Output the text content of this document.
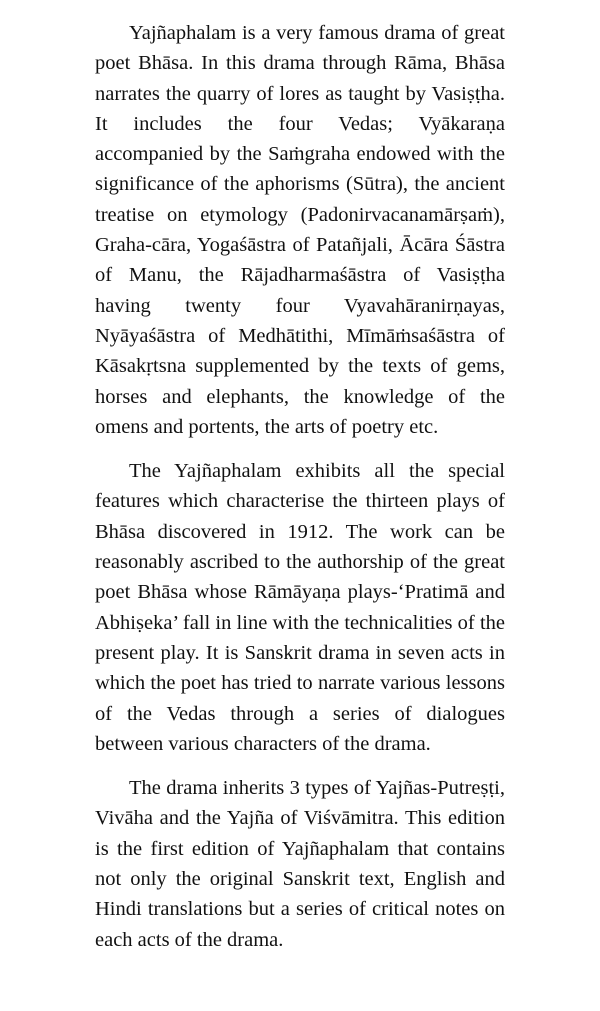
Yajñaphalam is a very famous drama of great poet Bhāsa. In this drama through Rāma, Bhāsa narrates the quarry of lores as taught by Vasiṣṭha. It includes the four Vedas; Vyākaraṇa accompanied by the Saṁgraha endowed with the significance of the aphorisms (Sūtra), the ancient treatise on etymology (Padonirvacanamārṣaṁ), Graha-cāra, Yogaśāstra of Patañjali, Ācāra Śāstra of Manu, the Rājadharmaśāstra of Vasiṣṭha having twenty four Vyavahāranirṇayas, Nyāyaśāstra of Medhātithi, Mīmāṁsaśāstra of Kāsakṛtsna supplemented by the texts of gems, horses and elephants, the knowledge of the omens and portents, the arts of poetry etc.

The Yajñaphalam exhibits all the special features which characterise the thirteen plays of Bhāsa discovered in 1912. The work can be reasonably ascribed to the authorship of the great poet Bhāsa whose Rāmāyaṇa plays-‘Pratimā and Abhiṣeka’ fall in line with the technicalities of the present play. It is Sanskrit drama in seven acts in which the poet has tried to narrate various lessons of the Vedas through a series of dialogues between various characters of the drama.

The drama inherits 3 types of Yajñas-Putreṣṭi, Vivāha and the Yajña of Viśvāmitra. This edition is the first edition of Yajñaphalam that contains not only the original Sanskrit text, English and Hindi translations but a series of critical notes on each acts of the drama.
